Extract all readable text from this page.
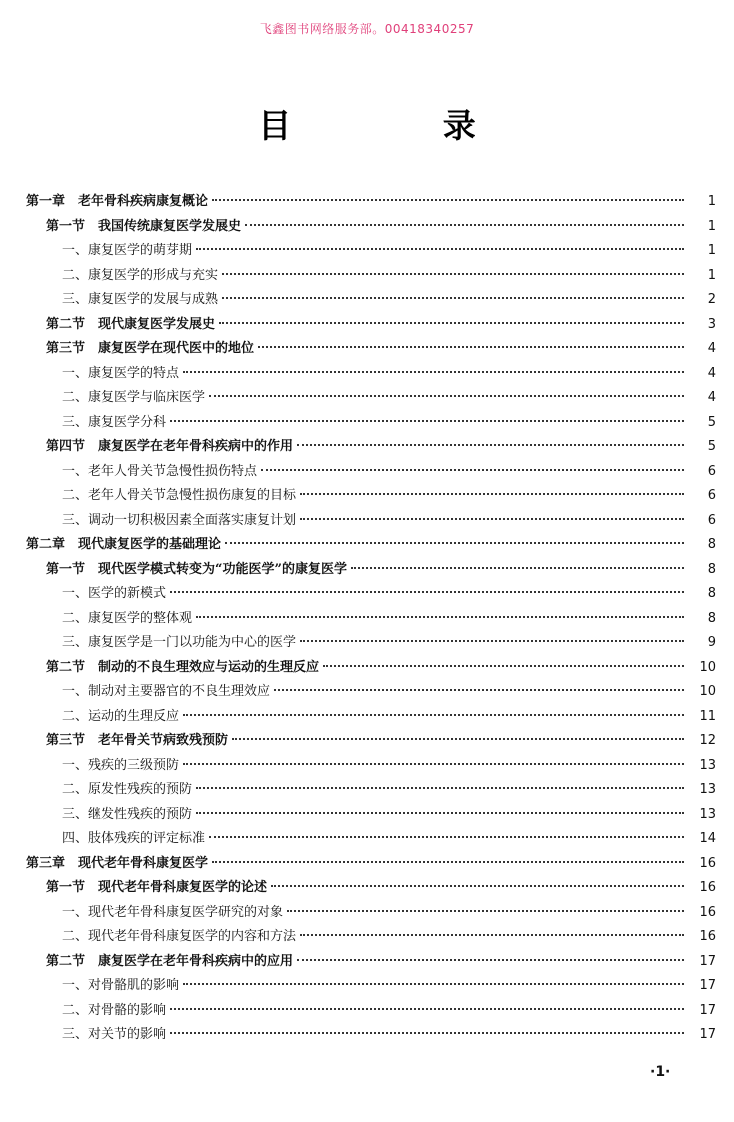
飞鑫图书网络服务部。00418340257
目 录
第一章　老年骨科疾病康复概论	1
第一节　我国传统康复医学发展史	1
一、康复医学的萌芽期	1
二、康复医学的形成与充实	1
三、康复医学的发展与成熟	2
第二节　现代康复医学发展史	3
第三节　康复医学在现代医中的地位	4
一、康复医学的特点	4
二、康复医学与临床医学	4
三、康复医学分科	5
第四节　康复医学在老年骨科疾病中的作用	5
一、老年人骨关节急慢性损伤特点	6
二、老年人骨关节急慢性损伤康复的目标	6
三、调动一切积极因素全面落实康复计划	6
第二章　现代康复医学的基础理论	8
第一节　现代医学模式转变为“功能医学”的康复医学	8
一、医学的新模式	8
二、康复医学的整体观	8
三、康复医学是一门以功能为中心的医学	9
第二节　制动的不良生理效应与运动的生理反应	10
一、制动对主要器官的不良生理效应	10
二、运动的生理反应	11
第三节　老年骨关节病致残预防	12
一、残疾的三级预防	13
二、原发性残疾的预防	13
三、继发性残疾的预防	13
四、肢体残疾的评定标准	14
第三章　现代老年骨科康复医学	16
第一节　现代老年骨科康复医学的论述	16
一、现代老年骨科康复医学研究的对象	16
二、现代老年骨科康复医学的内容和方法	16
第二节　康复医学在老年骨科疾病中的应用	17
一、对骨骼肌的影响	17
二、对骨骼的影响	17
三、对关节的影响	17
·1·
